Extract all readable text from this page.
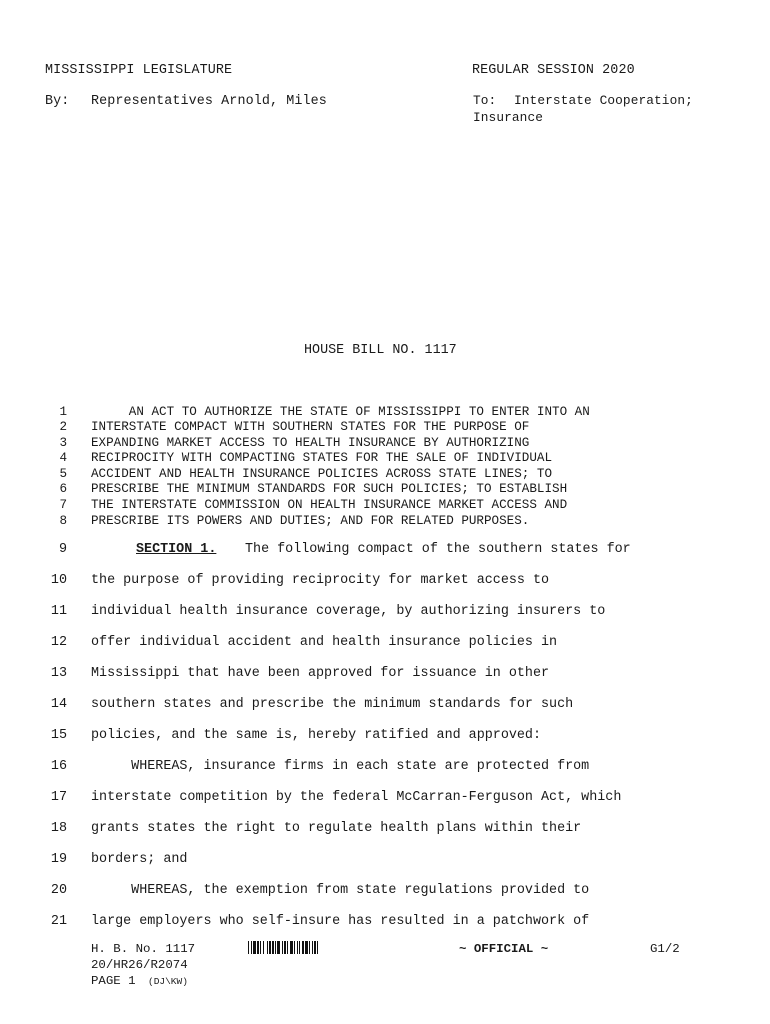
MISSISSIPPI LEGISLATURE	REGULAR SESSION 2020
By: Representatives Arnold, Miles	To: Interstate Cooperation;
Insurance
HOUSE BILL NO. 1117
1 AN ACT TO AUTHORIZE THE STATE OF MISSISSIPPI TO ENTER INTO AN
2 INTERSTATE COMPACT WITH SOUTHERN STATES FOR THE PURPOSE OF
3 EXPANDING MARKET ACCESS TO HEALTH INSURANCE BY AUTHORIZING
4 RECIPROCITY WITH COMPACTING STATES FOR THE SALE OF INDIVIDUAL
5 ACCIDENT AND HEALTH INSURANCE POLICIES ACROSS STATE LINES; TO
6 PRESCRIBE THE MINIMUM STANDARDS FOR SUCH POLICIES; TO ESTABLISH
7 THE INTERSTATE COMMISSION ON HEALTH INSURANCE MARKET ACCESS AND
8 PRESCRIBE ITS POWERS AND DUTIES; AND FOR RELATED PURPOSES.
9	SECTION 1. The following compact of the southern states for
10 the purpose of providing reciprocity for market access to
11 individual health insurance coverage, by authorizing insurers to
12 offer individual accident and health insurance policies in
13 Mississippi that have been approved for issuance in other
14 southern states and prescribe the minimum standards for such
15 policies, and the same is, hereby ratified and approved:
16 WHEREAS, insurance firms in each state are protected from
17 interstate competition by the federal McCarran-Ferguson Act, which
18 grants states the right to regulate health plans within their
19 borders; and
20 WHEREAS, the exemption from state regulations provided to
21 large employers who self-insure has resulted in a patchwork of
H. B. No. 1117	~ OFFICIAL ~	G1/2
20/HR26/R2074
PAGE 1 (DJ\KW)
